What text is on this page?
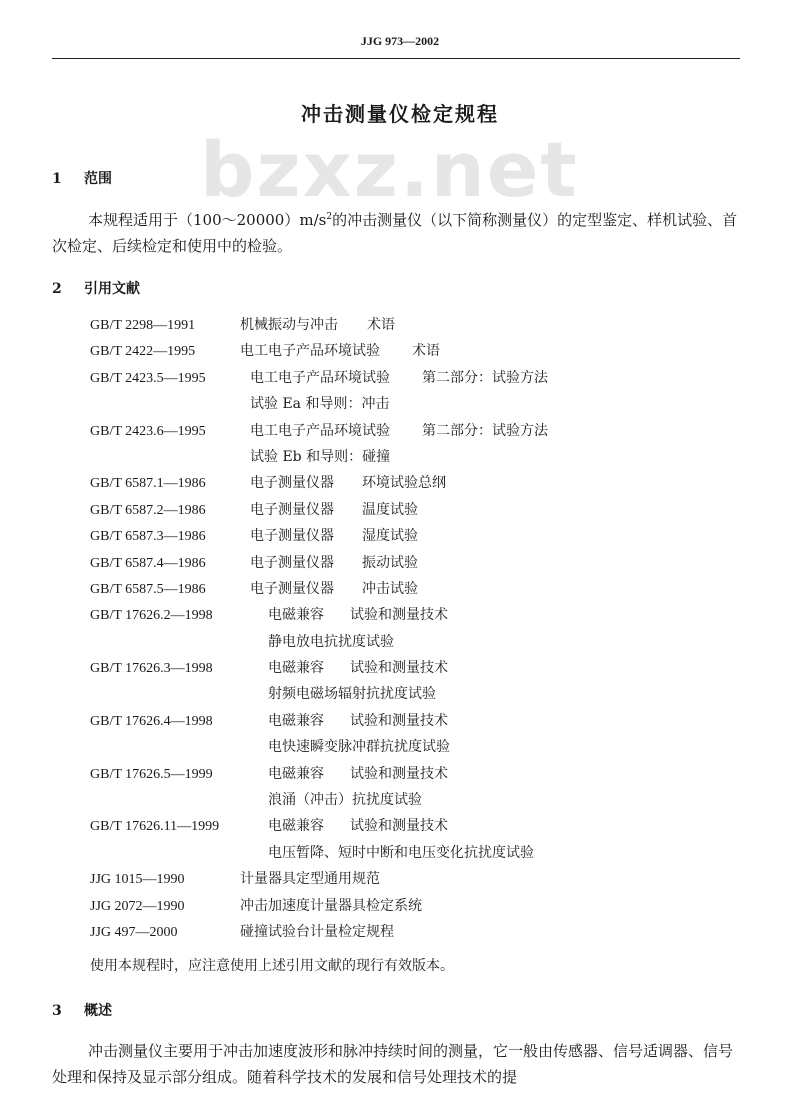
JJG 973—2002
bzxz.net
冲击测量仪检定规程
1 范围
本规程适用于$(100\sim 20000)m/s^2$的冲击测量仪（以下简称测量仪）的定型鉴定、样机试验、首次检定、后续检定和使用中的检验。
2 引用文献
GB/T 2298—1991	机械振动与冲击 术语
GB/T 2422—1995	电工电子产品环境试验 术语
GB/T 2423.5—1995	电工电子产品环境试验 第二部分：试验方法
试验 Ea 和导则：冲击
GB/T 2423.6—1995	电工电子产品环境试验 第二部分：试验方法
试验 Eb 和导则：碰撞
GB/T 6587.1—1986	电子测量仪器 环境试验总纲
GB/T 6587.2—1986	电子测量仪器 温度试验
GB/T 6587.3—1986	电子测量仪器 湿度试验
GB/T 6587.4—1986	电子测量仪器 振动试验
GB/T 6587.5—1986	电子测量仪器 冲击试验
GB/T 17626.2—1998	电磁兼容 试验和测量技术
静电放电抗扰度试验
GB/T 17626.3—1998	电磁兼容 试验和测量技术
射频电磁场辐射抗扰度试验
GB/T 17626.4—1998	电磁兼容 试验和测量技术
电快速瞬变脉冲群抗扰度试验
GB/T 17626.5—1999	电磁兼容 试验和测量技术
浪涌（冲击）抗扰度试验
GB/T 17626.11—1999	电磁兼容 试验和测量技术
电压暂降、短时中断和电压变化抗扰度试验
JJG 1015—1990	计量器具定型通用规范
JJG 2072—1990	冲击加速度计量器具检定系统
JJG 497—2000	碰撞试验台计量检定规程
使用本规程时，应注意使用上述引用文献的现行有效版本。
3 概述
冲击测量仪主要用于冲击加速度波形和脉冲持续时间的测量，它一般由传感器、信号适调器、信号处理和保持及显示部分组成。随着科学技术的发展和信号处理技术的提
